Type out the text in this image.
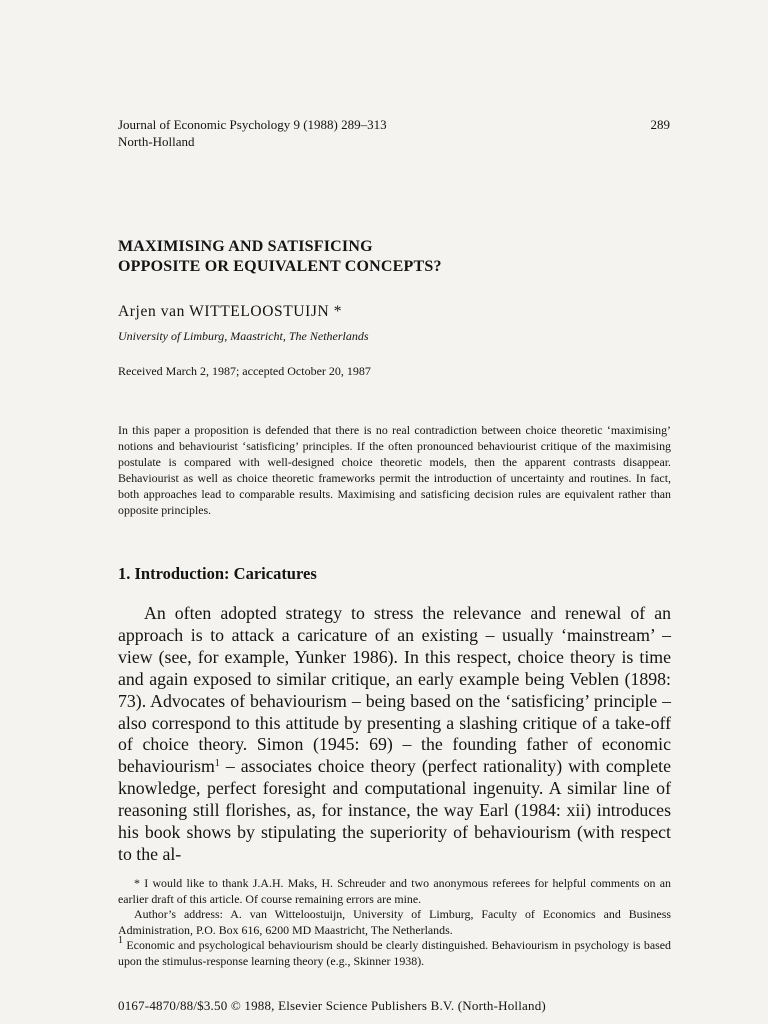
Journal of Economic Psychology 9 (1988) 289–313
North-Holland
289
MAXIMISING AND SATISFICING
OPPOSITE OR EQUIVALENT CONCEPTS?
Arjen van WITTELOOSTUIJN *
University of Limburg, Maastricht, The Netherlands
Received March 2, 1987; accepted October 20, 1987

In this paper a proposition is defended that there is no real contradiction between choice theoretic ‘maximising’ notions and behaviourist ‘satisficing’ principles. If the often pronounced behaviourist critique of the maximising postulate is compared with well-designed choice theoretic models, then the apparent contrasts disappear. Behaviourist as well as choice theoretic frameworks permit the introduction of uncertainty and routines. In fact, both approaches lead to comparable results. Maximising and satisficing decision rules are equivalent rather than opposite principles.

1. Introduction: Caricatures

An often adopted strategy to stress the relevance and renewal of an approach is to attack a caricature of an existing – usually ‘mainstream’ – view (see, for example, Yunker 1986). In this respect, choice theory is time and again exposed to similar critique, an early example being Veblen (1898: 73). Advocates of behaviourism – being based on the ‘satisficing’ principle – also correspond to this attitude by presenting a slashing critique of a take-off of choice theory. Simon (1945: 69) – the founding father of economic behaviourism$^1$ – associates choice theory (perfect rationality) with complete knowledge, perfect foresight and computational ingenuity. A similar line of reasoning still florishes, as, for instance, the way Earl (1984: xii) introduces his book shows by stipulating the superiority of behaviourism (with respect to the al-

* I would like to thank J.A.H. Maks, H. Schreuder and two anonymous referees for helpful comments on an earlier draft of this article. Of course remaining errors are mine.

Author’s address: A. van Witteloostuijn, University of Limburg, Faculty of Economics and Business Administration, P.O. Box 616, 6200 MD Maastricht, The Netherlands.

$^1$ Economic and psychological behaviourism should be clearly distinguished. Behaviourism in psychology is based upon the stimulus-response learning theory (e.g., Skinner 1938).

0167-4870/88/$3.50 © 1988, Elsevier Science Publishers B.V. (North-Holland)
